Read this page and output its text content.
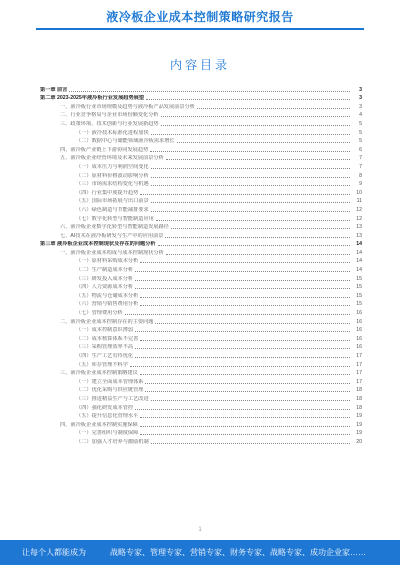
液冷板企业成本控制策略研究报告
内容目录
第一章 前言	3
第二章 2023-2025年液冷板行业发展趋势展望	3
一、液冷板行业市场规模及趋势与液冷板产品发展前景分析	3
二、行业竞争格局与企业市场份额变化分析	4
三、政策环境、技术创新与行业发展新趋势	5
（一）液冷技术标准化进程加快	5
（二）数据中心与储能领域液冷板需求增长	5
四、液冷板产业链上下游协同发展趋势	6
五、液冷板企业经营环境及未来发展前景分析	7
（一）成本压力与利润空间变化	7
（二）原材料价格波动影响分析	8
（三）市场需求结构变化与机遇	9
（四）行业集中度提升趋势	10
（五）国际市场拓展与出口前景	11
（六）绿色制造与节能减排要求	12
（七）数字化转型与智能制造应用	12
六、液冷板企业数字化转型与智能制造发展路径	13
七、AI技术在液冷板研发与生产中的应用前景	13
第三章 液冷板企业成本控制现状及存在的问题分析	14
一、液冷板企业成本构成与成本控制现状分析	14
（一）原材料采购成本分析	14
（二）生产制造成本分析	14
（三）研发投入成本分析	15
（四）人力资源成本分析	15
（五）物流与仓储成本分析	15
（六）营销与销售费用分析	15
（七）管理费用分析	16
二、液冷板企业成本控制存在的主要问题	16
（一）成本控制意识薄弱	16
（二）成本核算体系不完善	16
（三）采购管理效率不高	16
（四）生产工艺有待优化	17
（五）库存管理不科学	17
三、液冷板企业成本控制策略建议	17
（一）建立全面成本管理体系	17
（二）优化采购与供应链管理	18
（三）推进精益生产与工艺改进	18
（四）强化研发成本管控	18
（五）提升信息化管理水平	19
四、液冷板企业成本控制实施保障	19
（一）完善组织与制度保障	19
（二）加强人才培养与激励机制	20
1
让每个人都能成为	战略专家、管理专家、营销专家、财务专家、战略专家、成功企业家……
